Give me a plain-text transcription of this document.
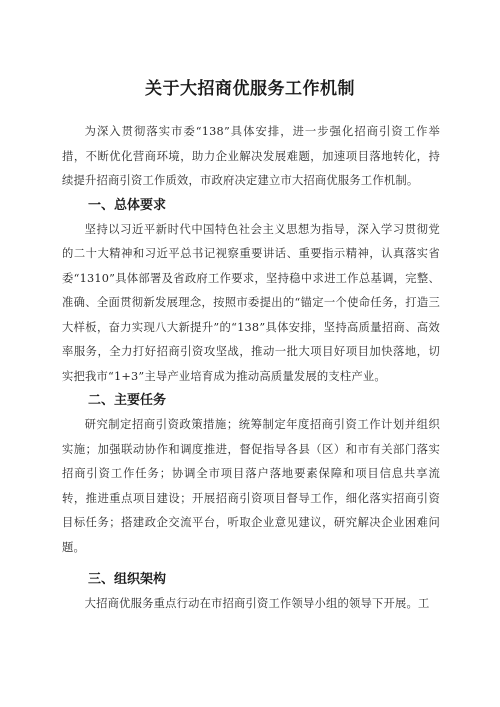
关于大招商优服务工作机制

为深入贯彻落实市委“138”具体安排，进一步强化招商引资工作举措，不断优化营商环境，助力企业解决发展难题，加速项目落地转化，持续提升招商引资工作质效，市政府决定建立市大招商优服务工作机制。

一、总体要求

坚持以习近平新时代中国特色社会主义思想为指导，深入学习贯彻党的二十大精神和习近平总书记视察重要讲话、重要指示精神，认真落实省委“1310”具体部署及省政府工作要求，坚持稳中求进工作总基调，完整、准确、全面贯彻新发展理念，按照市委提出的“锚定一个使命任务，打造三大样板，奋力实现八大新提升”的“138”具体安排，坚持高质量招商、高效率服务，全力打好招商引资攻坚战，推动一批大项目好项目加快落地，切实把我市“1+3”主导产业培育成为推动高质量发展的支柱产业。

二、主要任务

研究制定招商引资政策措施；统筹制定年度招商引资工作计划并组织实施；加强联动协作和调度推进，督促指导各县（区）和市有关部门落实招商引资工作任务；协调全市项目落户落地要素保障和项目信息共享流转，推进重点项目建设；开展招商引资项目督导工作，细化落实招商引资目标任务；搭建政企交流平台，听取企业意见建议，研究解决企业困难问题。

三、组织架构

大招商优服务重点行动在市招商引资工作领导小组的领导下开展。工
